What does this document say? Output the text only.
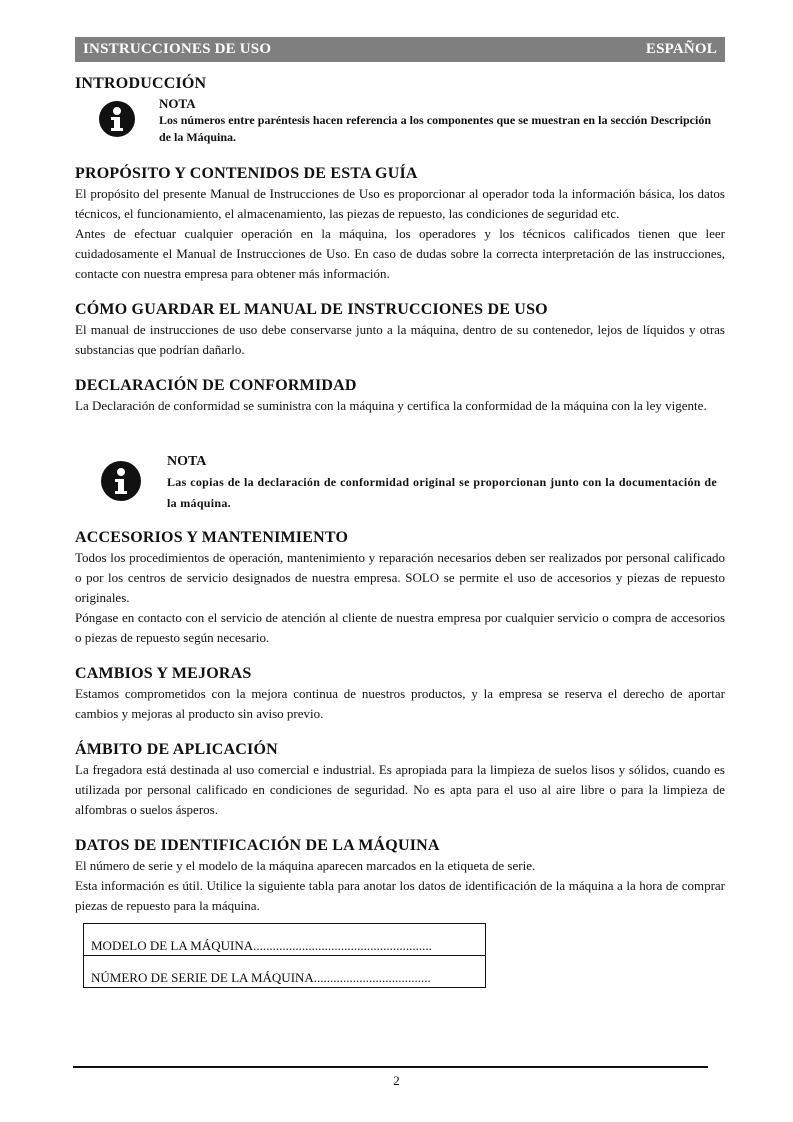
INSTRUCCIONES DE USO	ESPAÑOL
INTRODUCCIÓN
NOTA
Los números entre paréntesis hacen referencia a los componentes que se muestran en la sección Descripción de la Máquina.
PROPÓSITO Y CONTENIDOS DE ESTA GUÍA

El propósito del presente Manual de Instrucciones de Uso es proporcionar al operador toda la información básica, los datos técnicos, el funcionamiento, el almacenamiento, las piezas de repuesto, las condiciones de seguridad etc.

Antes de efectuar cualquier operación en la máquina, los operadores y los técnicos calificados tienen que leer cuidadosamente el Manual de Instrucciones de Uso. En caso de dudas sobre la correcta interpretación de las instrucciones, contacte con nuestra empresa para obtener más información.

CÓMO GUARDAR EL MANUAL DE INSTRUCCIONES DE USO

El manual de instrucciones de uso debe conservarse junto a la máquina, dentro de su contenedor, lejos de líquidos y otras substancias que podrían dañarlo.

DECLARACIÓN DE CONFORMIDAD

La Declaración de conformidad se suministra con la máquina y certifica la conformidad de la máquina con la ley vigente.

NOTA
Las copias de la declaración de conformidad original se proporcionan junto con la documentación de la máquina.
ACCESORIOS Y MANTENIMIENTO

Todos los procedimientos de operación, mantenimiento y reparación necesarios deben ser realizados por personal calificado o por los centros de servicio designados de nuestra empresa. SOLO se permite el uso de accesorios y piezas de repuesto originales.

Póngase en contacto con el servicio de atención al cliente de nuestra empresa por cualquier servicio o compra de accesorios o piezas de repuesto según necesario.

CAMBIOS Y MEJORAS

Estamos comprometidos con la mejora continua de nuestros productos, y la empresa se reserva el derecho de aportar cambios y mejoras al producto sin aviso previo.

ÁMBITO DE APLICACIÓN

La fregadora está destinada al uso comercial e industrial. Es apropiada para la limpieza de suelos lisos y sólidos, cuando es utilizada por personal calificado en condiciones de seguridad. No es apta para el uso al aire libre o para la limpieza de alfombras o suelos ásperos.

DATOS DE IDENTIFICACIÓN DE LA MÁQUINA

El número de serie y el modelo de la máquina aparecen marcados en la etiqueta de serie.

Esta información es útil. Utilice la siguiente tabla para anotar los datos de identificación de la máquina a la hora de comprar piezas de repuesto para la máquina.

MODELO DE LA MÁQUINA.......................................................
NÚMERO DE SERIE DE LA MÁQUINA....................................
2
